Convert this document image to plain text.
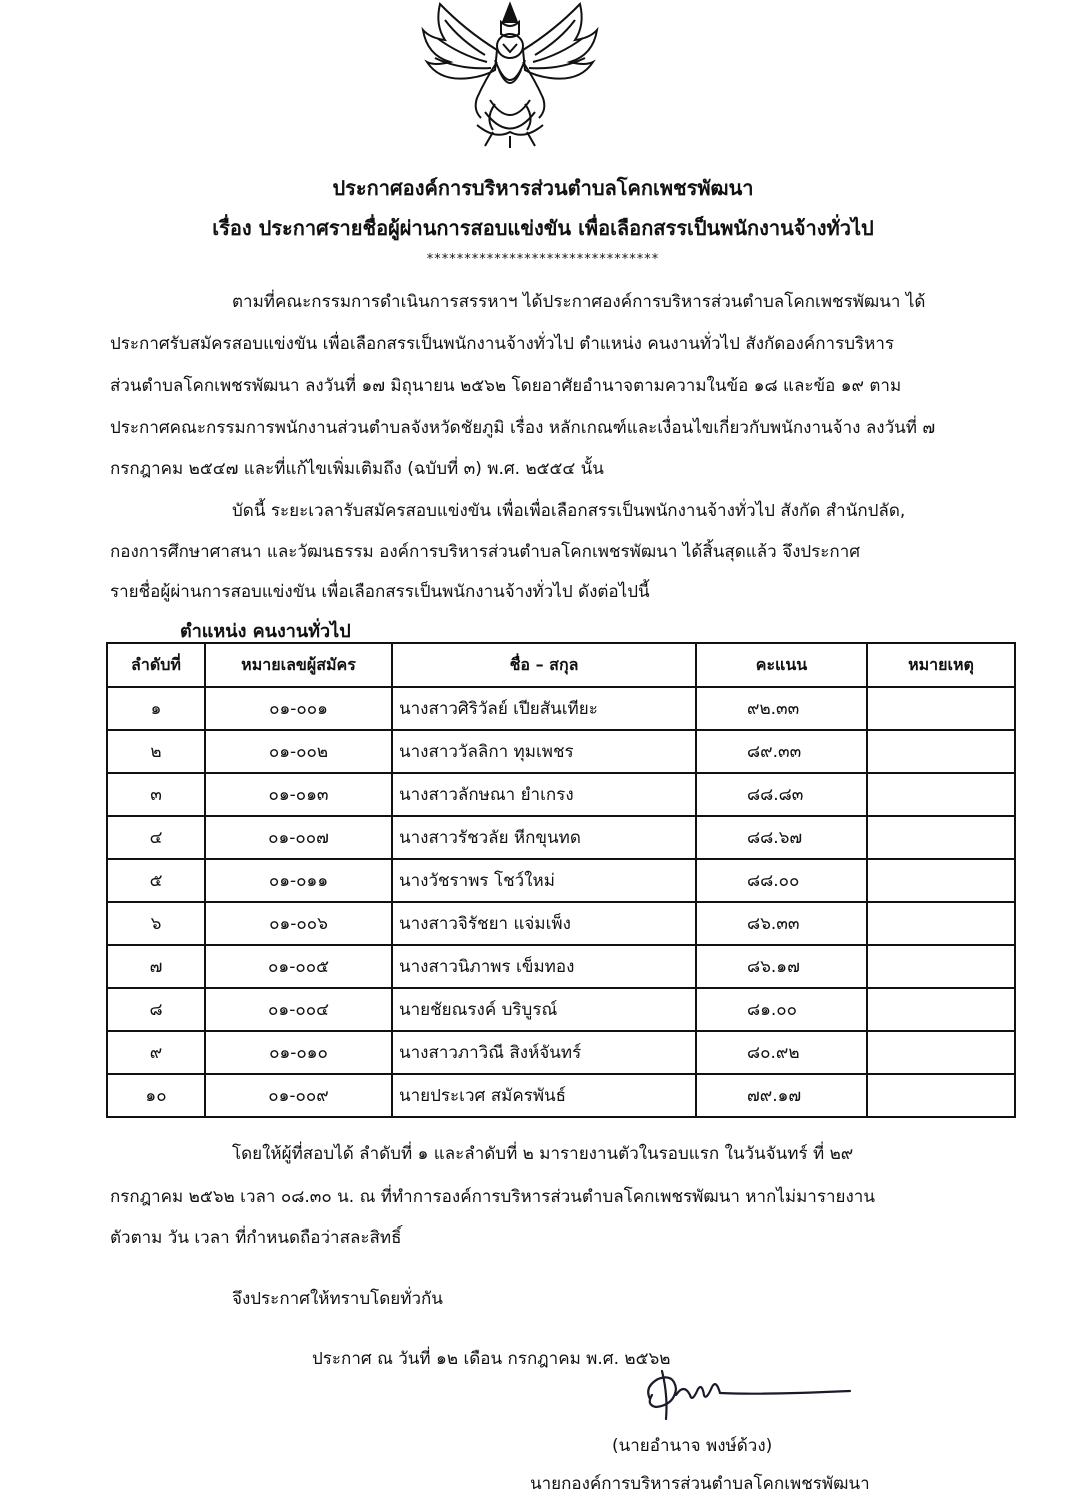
ประกาศองค์การบริหารส่วนตำบลโคกเพชรพัฒนา
เรื่อง ประกาศรายชื่อผู้ผ่านการสอบแข่งขัน เพื่อเลือกสรรเป็นพนักงานจ้างทั่วไป
*******************************
ตามที่คณะกรรมการดำเนินการสรรหาฯ ได้ประกาศองค์การบริหารส่วนตำบลโคกเพชรพัฒนา ได้
ประกาศรับสมัครสอบแข่งขัน เพื่อเลือกสรรเป็นพนักงานจ้างทั่วไป ตำแหน่ง คนงานทั่วไป สังกัดองค์การบริหาร
ส่วนตำบลโคกเพชรพัฒนา ลงวันที่ ๑๗ มิถุนายน ๒๕๖๒ โดยอาศัยอำนาจตามความในข้อ ๑๘ และข้อ ๑๙ ตาม
ประกาศคณะกรรมการพนักงานส่วนตำบลจังหวัดชัยภูมิ เรื่อง หลักเกณฑ์และเงื่อนไขเกี่ยวกับพนักงานจ้าง ลงวันที่ ๗
กรกฎาคม ๒๕๔๗ และที่แก้ไขเพิ่มเติมถึง (ฉบับที่ ๓) พ.ศ. ๒๕๕๔ นั้น
บัดนี้ ระยะเวลารับสมัครสอบแข่งขัน เพื่อเพื่อเลือกสรรเป็นพนักงานจ้างทั่วไป สังกัด สำนักปลัด,
กองการศึกษาศาสนา และวัฒนธรรม องค์การบริหารส่วนตำบลโคกเพชรพัฒนา ได้สิ้นสุดแล้ว จึงประกาศ
รายชื่อผู้ผ่านการสอบแข่งขัน เพื่อเลือกสรรเป็นพนักงานจ้างทั่วไป ดังต่อไปนี้
ตำแหน่ง คนงานทั่วไป
ลำดับที่	หมายเลขผู้สมัคร	ชื่อ – สกุล	คะแนน	หมายเหตุ
๑	๐๑-๐๐๑	นางสาวศิริวัลย์ เปียสันเทียะ	๙๒.๓๓	
๒	๐๑-๐๐๒	นางสาววัลลิกา ทุมเพชร	๘๙.๓๓	
๓	๐๑-๐๑๓	นางสาวลักษณา ยำเกรง	๘๘.๘๓	
๔	๐๑-๐๐๗	นางสาวรัชวลัย หีกขุนทด	๘๘.๖๗	
๕	๐๑-๐๑๑	นางวัชราพร โชว์ใหม่	๘๘.๐๐	
๖	๐๑-๐๐๖	นางสาวจิรัชยา แจ่มเพ็ง	๘๖.๓๓	
๗	๐๑-๐๐๕	นางสาวนิภาพร เข็มทอง	๘๖.๑๗	
๘	๐๑-๐๐๔	นายชัยณรงค์ บริบูรณ์	๘๑.๐๐	
๙	๐๑-๐๑๐	นางสาวภาวิณี สิงห์จันทร์	๘๐.๙๒	
๑๐	๐๑-๐๐๙	นายประเวศ สมัครพันธ์	๗๙.๑๗	
โดยให้ผู้ที่สอบได้ ลำดับที่ ๑ และลำดับที่ ๒ มารายงานตัวในรอบแรก ในวันจันทร์ ที่ ๒๙
กรกฎาคม ๒๕๖๒ เวลา ๐๘.๓๐ น. ณ ที่ทำการองค์การบริหารส่วนตำบลโคกเพชรพัฒนา หากไม่มารายงาน
ตัวตาม วัน เวลา ที่กำหนดถือว่าสละสิทธิ์
จึงประกาศให้ทราบโดยทั่วกัน
ประกาศ ณ วันที่ ๑๒ เดือน กรกฎาคม พ.ศ. ๒๕๖๒
(นายอำนาจ พงษ์ด้วง)
นายกองค์การบริหารส่วนตำบลโคกเพชรพัฒนา
